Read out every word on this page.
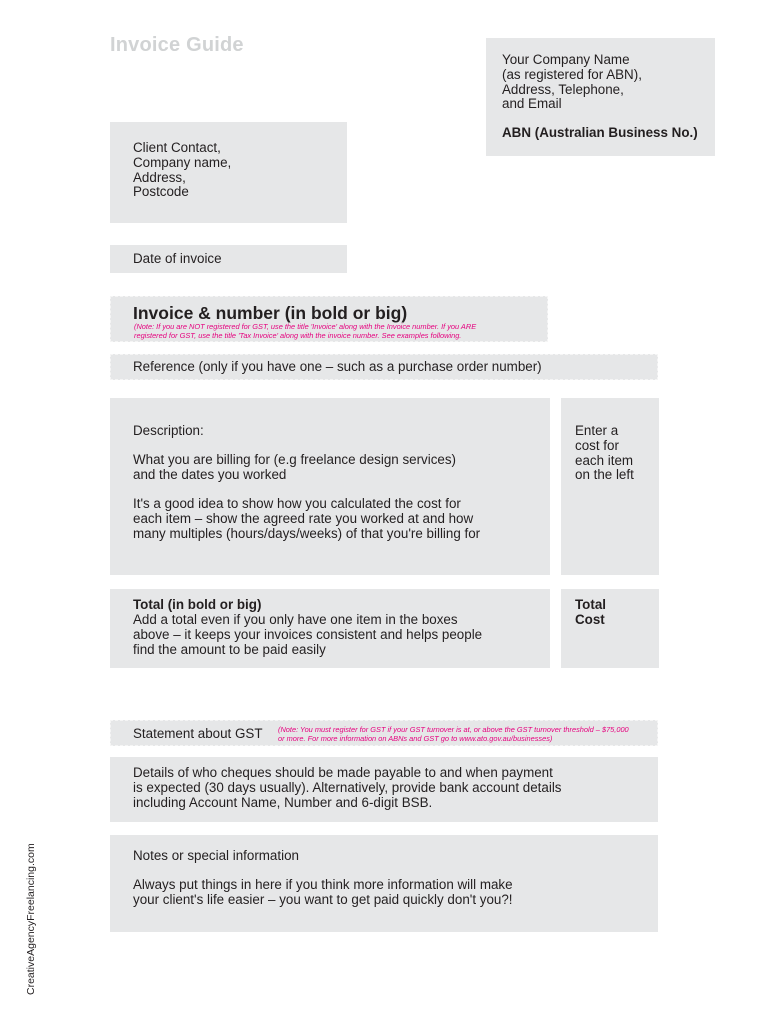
Invoice Guide
Your Company Name
(as registered for ABN),
Address, Telephone,
and Email
ABN (Australian Business No.)
Client Contact,
Company name,
Address,
Postcode
Date of invoice
Invoice & number (in bold or big)
(Note: If you are NOT registered for GST, use the title 'Invoice' along with the Invoice number. If you ARE
registered for GST, use the title 'Tax Invoice' along with the invoice number. See examples following.
Reference (only if you have one – such as a purchase order number)
Description:
What you are billing for (e.g freelance design services)
and the dates you worked
It's a good idea to show how you calculated the cost for
each item – show the agreed rate you worked at and how
many multiples (hours/days/weeks) of that you're billing for
Enter a
cost for
each item
on the left
Total (in bold or big)
Add a total even if you only have one item in the boxes
above – it keeps your invoices consistent and helps people
find the amount to be paid easily
Total
Cost
Statement about GST (Note: You must register for GST if your GST turnover is at, or above the GST turnover threshold – $75,000
or more. For more information on ABNs and GST go to www.ato.gov.au/businesses)
Details of who cheques should be made payable to and when payment
is expected (30 days usually). Alternatively, provide bank account details
including Account Name, Number and 6-digit BSB.
Notes or special information
Always put things in here if you think more information will make
your client's life easier – you want to get paid quickly don't you?!
CreativeAgencyFreelancing.com
